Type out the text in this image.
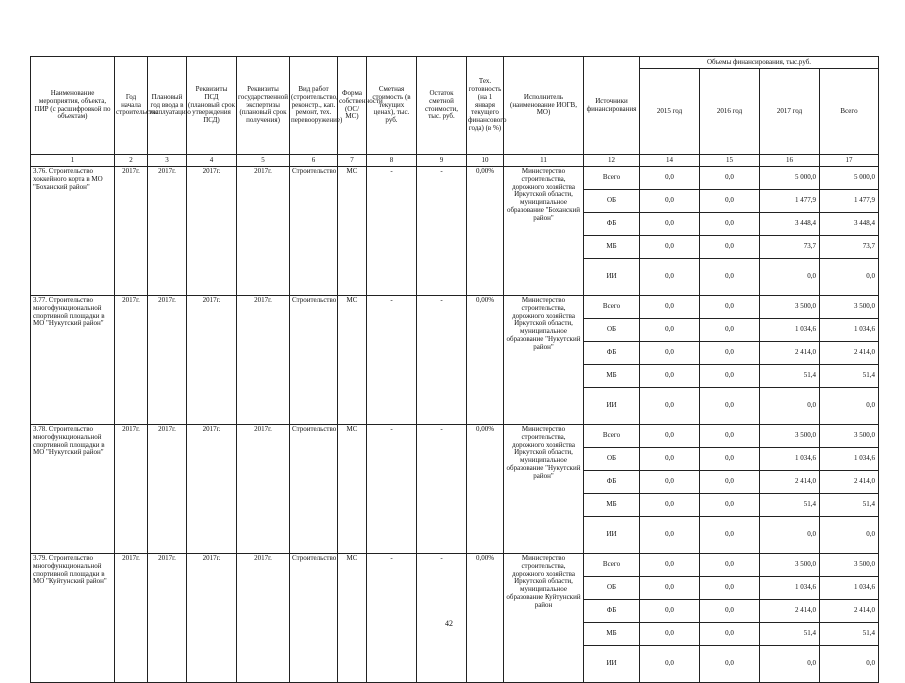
Наименование мероприятия, объекта, ПИР (с расшифровкой по объектам)	Год начала строительства	Плановый год ввода в эксплуатацию	Реквизиты ПСД (плановый срок утверждения ПСД)	Реквизиты государственной экспертизы (плановый срок получения)	Вид работ (строительство, реконстр., кап. ремонт, тех. перевооружение)	Форма собственности (ОС/МС)	Сметная стоимость (в текущих ценах), тыс. руб.	Остаток сметной стоимости, тыс. руб.	Тех. готовность (на 1 января текущего финансового года) (в %)	Исполнитель (наименование ИОГВ, МО)	Источники финансирования	Объемы финансирования, тыс.руб.			
												2015 год	2016 год	2017 год	Всего
1	2	3	4	5	6	7	8	9	10	11	12	14	15	16	17
3.76. Строительство хоккейного корта в МО "Боханский район"	2017г.	2017г.	2017г.	2017г.	Строительство	МС	-	-	0,00%	Министерство строительства, дорожного хозяйства Иркутской области, муниципальное образование "Боханский район"	Всего	0,0	0,0	5 000,0	5 000,0
											ОБ	0,0	0,0	1 477,9	1 477,9
											ФБ	0,0	0,0	3 448,4	3 448,4
											МБ	0,0	0,0	73,7	73,7
											ИИ	0,0	0,0	0,0	0,0
3.77. Строительство многофункциональной спортивной площадки в МО "Нукутский район"	2017г.	2017г.	2017г.	2017г.	Строительство	МС	-	-	0,00%	Министерство строительства, дорожного хозяйства Иркутской области, муниципальное образование "Нукутский район"	Всего	0,0	0,0	3 500,0	3 500,0
											ОБ	0,0	0,0	1 034,6	1 034,6
											ФБ	0,0	0,0	2 414,0	2 414,0
											МБ	0,0	0,0	51,4	51,4
											ИИ	0,0	0,0	0,0	0,0
3.78. Строительство многофункциональной спортивной площадки в МО "Нукутский район"	2017г.	2017г.	2017г.	2017г.	Строительство	МС	-	-	0,00%	Министерство строительства, дорожного хозяйства Иркутской области, муниципальное образование "Нукутский район"	Всего	0,0	0,0	3 500,0	3 500,0
											ОБ	0,0	0,0	1 034,6	1 034,6
											ФБ	0,0	0,0	2 414,0	2 414,0
											МБ	0,0	0,0	51,4	51,4
											ИИ	0,0	0,0	0,0	0,0
3.79. Строительство многофункциональной спортивной площадки в МО "Куйтунский район"	2017г.	2017г.	2017г.	2017г.	Строительство	МС	-	-	0,00%	Министерство строительства, дорожного хозяйства Иркутской области, муниципальное образование Куйтунский район	Всего	0,0	0,0	3 500,0	3 500,0
											ОБ	0,0	0,0	1 034,6	1 034,6
											ФБ	0,0	0,0	2 414,0	2 414,0
											МБ	0,0	0,0	51,4	51,4
											ИИ	0,0	0,0	0,0	0,0
42
